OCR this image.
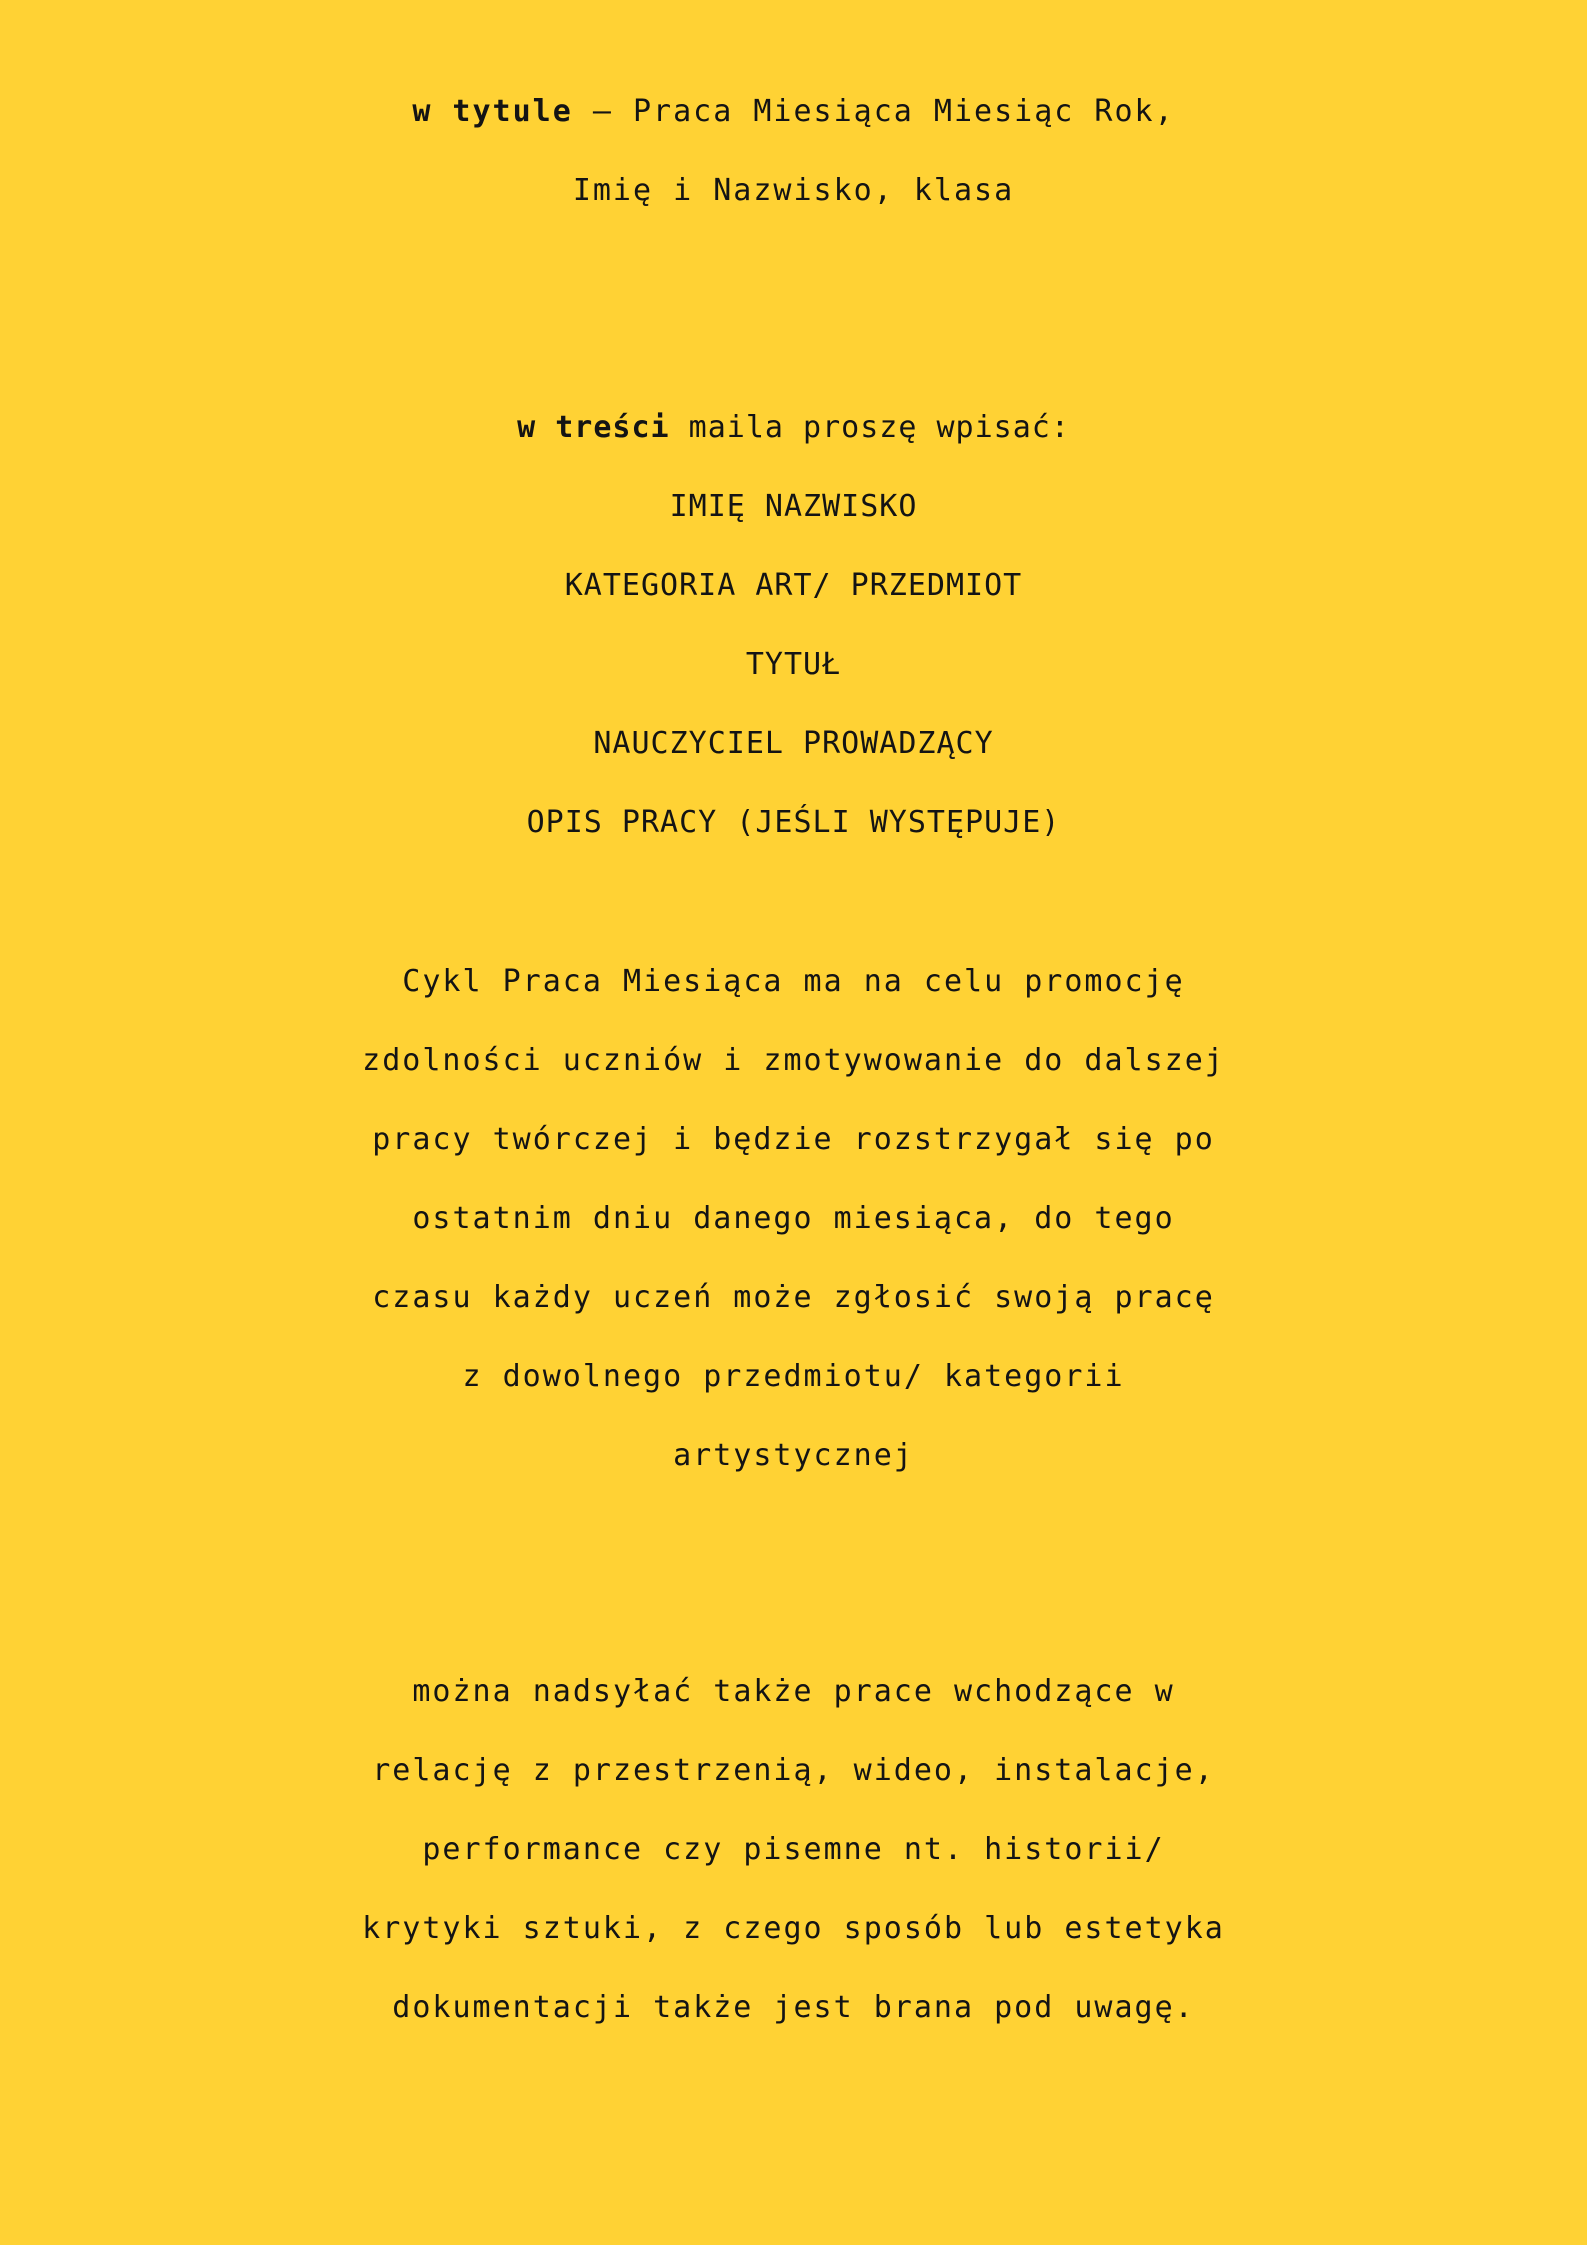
w tytule – Praca Miesiąca Miesiąc Rok,

Imię i Nazwisko, klasa

w treści maila proszę wpisać:

IMIĘ NAZWISKO

KATEGORIA ART/ PRZEDMIOT

TYTUŁ

NAUCZYCIEL PROWADZĄCY

OPIS PRACY (JEŚLI WYSTĘPUJE)

Cykl Praca Miesiąca ma na celu promocję

zdolności uczniów i zmotywowanie do dalszej

pracy twórczej i będzie rozstrzygał się po

ostatnim dniu danego miesiąca, do tego

czasu każdy uczeń może zgłosić swoją pracę

z dowolnego przedmiotu/ kategorii

artystycznej

można nadsyłać także prace wchodzące w

relację z przestrzenią, wideo, instalacje,

performance czy pisemne nt. historii/

krytyki sztuki, z czego sposób lub estetyka

dokumentacji także jest brana pod uwagę.
